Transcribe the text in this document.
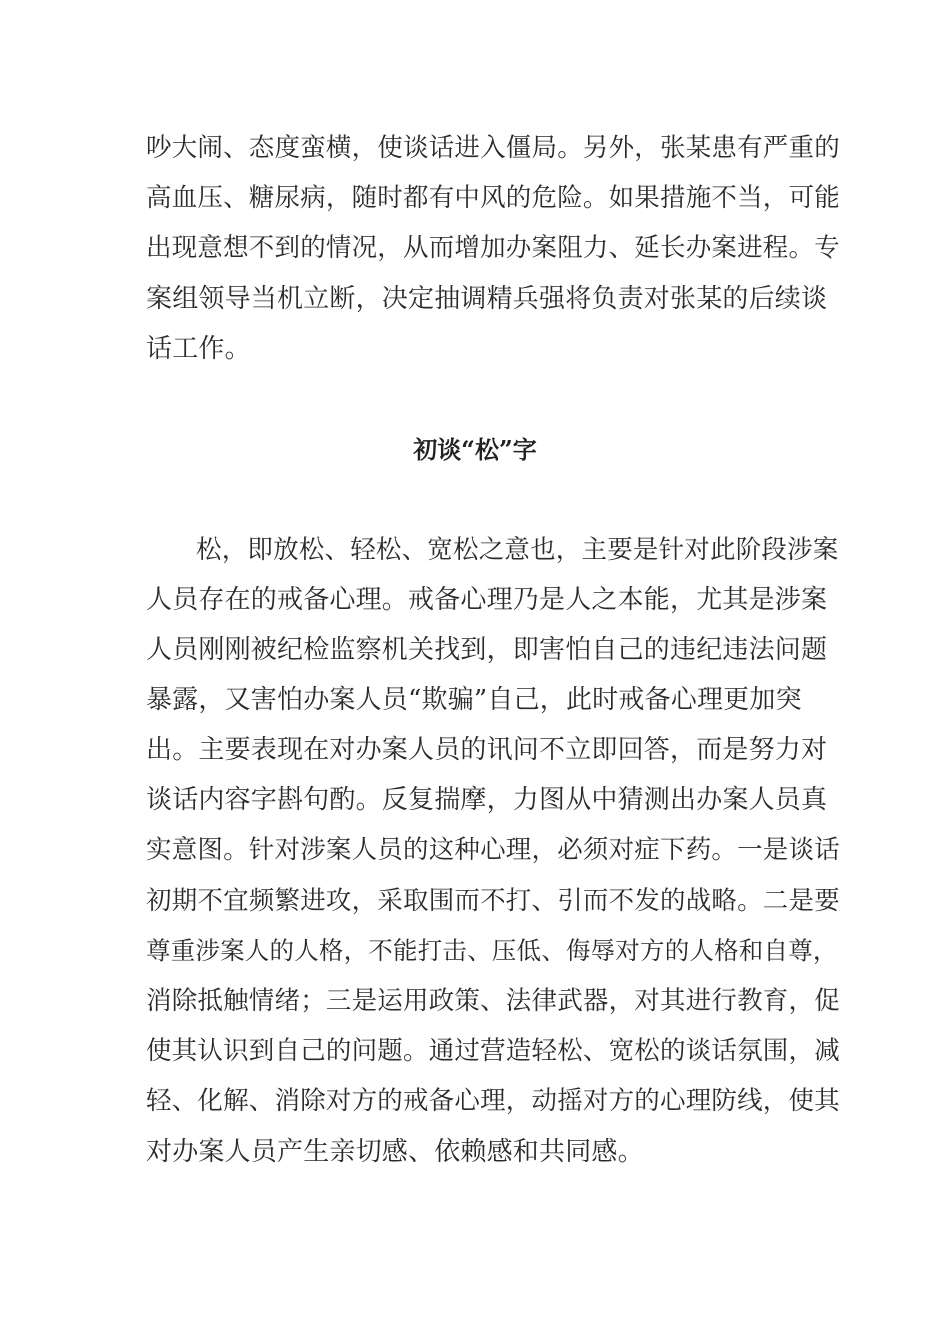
吵大闹、态度蛮横，使谈话进入僵局。另外，张某患有严重的
高血压、糖尿病，随时都有中风的危险。如果措施不当，可能
出现意想不到的情况，从而增加办案阻力、延长办案进程。专
案组领导当机立断，决定抽调精兵强将负责对张某的后续谈
话工作。
初谈“松”字
松，即放松、轻松、宽松之意也，主要是针对此阶段涉案
人员存在的戒备心理。戒备心理乃是人之本能，尤其是涉案
人员刚刚被纪检监察机关找到，即害怕自己的违纪违法问题
暴露，又害怕办案人员“欺骗”自己，此时戒备心理更加突
出。主要表现在对办案人员的讯问不立即回答，而是努力对
谈话内容字斟句酌。反复揣摩，力图从中猜测出办案人员真
实意图。针对涉案人员的这种心理，必须对症下药。一是谈话
初期不宜频繁进攻，采取围而不打、引而不发的战略。二是要
尊重涉案人的人格，不能打击、压低、侮辱对方的人格和自尊，
消除抵触情绪；三是运用政策、法律武器，对其进行教育，促
使其认识到自己的问题。通过营造轻松、宽松的谈话氛围，减
轻、化解、消除对方的戒备心理，动摇对方的心理防线，使其
对办案人员产生亲切感、依赖感和共同感。
